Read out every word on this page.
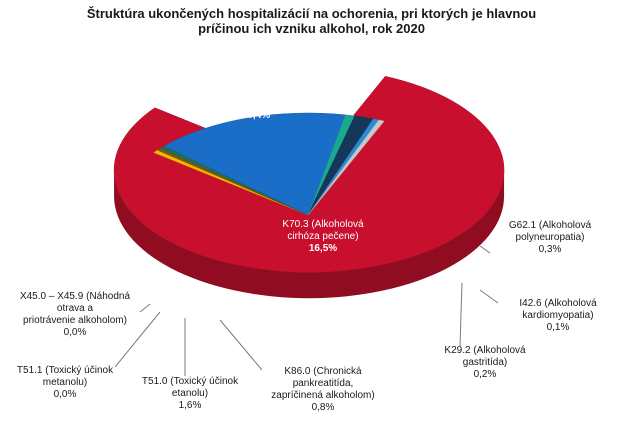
Štruktúra ukončených hospitalizácií na ochorenia, pri ktorých je hlavnou
príčinou ich vzniku alkohol, rok 2020
F10.0 – F10.9
(Porucha psychiky a
správania, zapríčinená
užívaním alkoholu)
80,4%
G62.1 (Alkoholová
polyneuropatia)
0,3%
I42.6 (Alkoholová
kardiomyopatia)
0,1%
K29.2 (Alkoholová
gastritída)
0,2%
K70.3 (Alkoholová
cirhóza pečene)
16,5%
K86.0 (Chronická
pankreatitída,
zapríčinená alkoholom)
0,8%
T51.0 (Toxický účinok
etanolu)
1,6%
T51.1 (Toxický účinok
metanolu)
0,0%
X45.0 – X45.9 (Náhodná otrava a
priotrávenie alkoholom)
0,0%
